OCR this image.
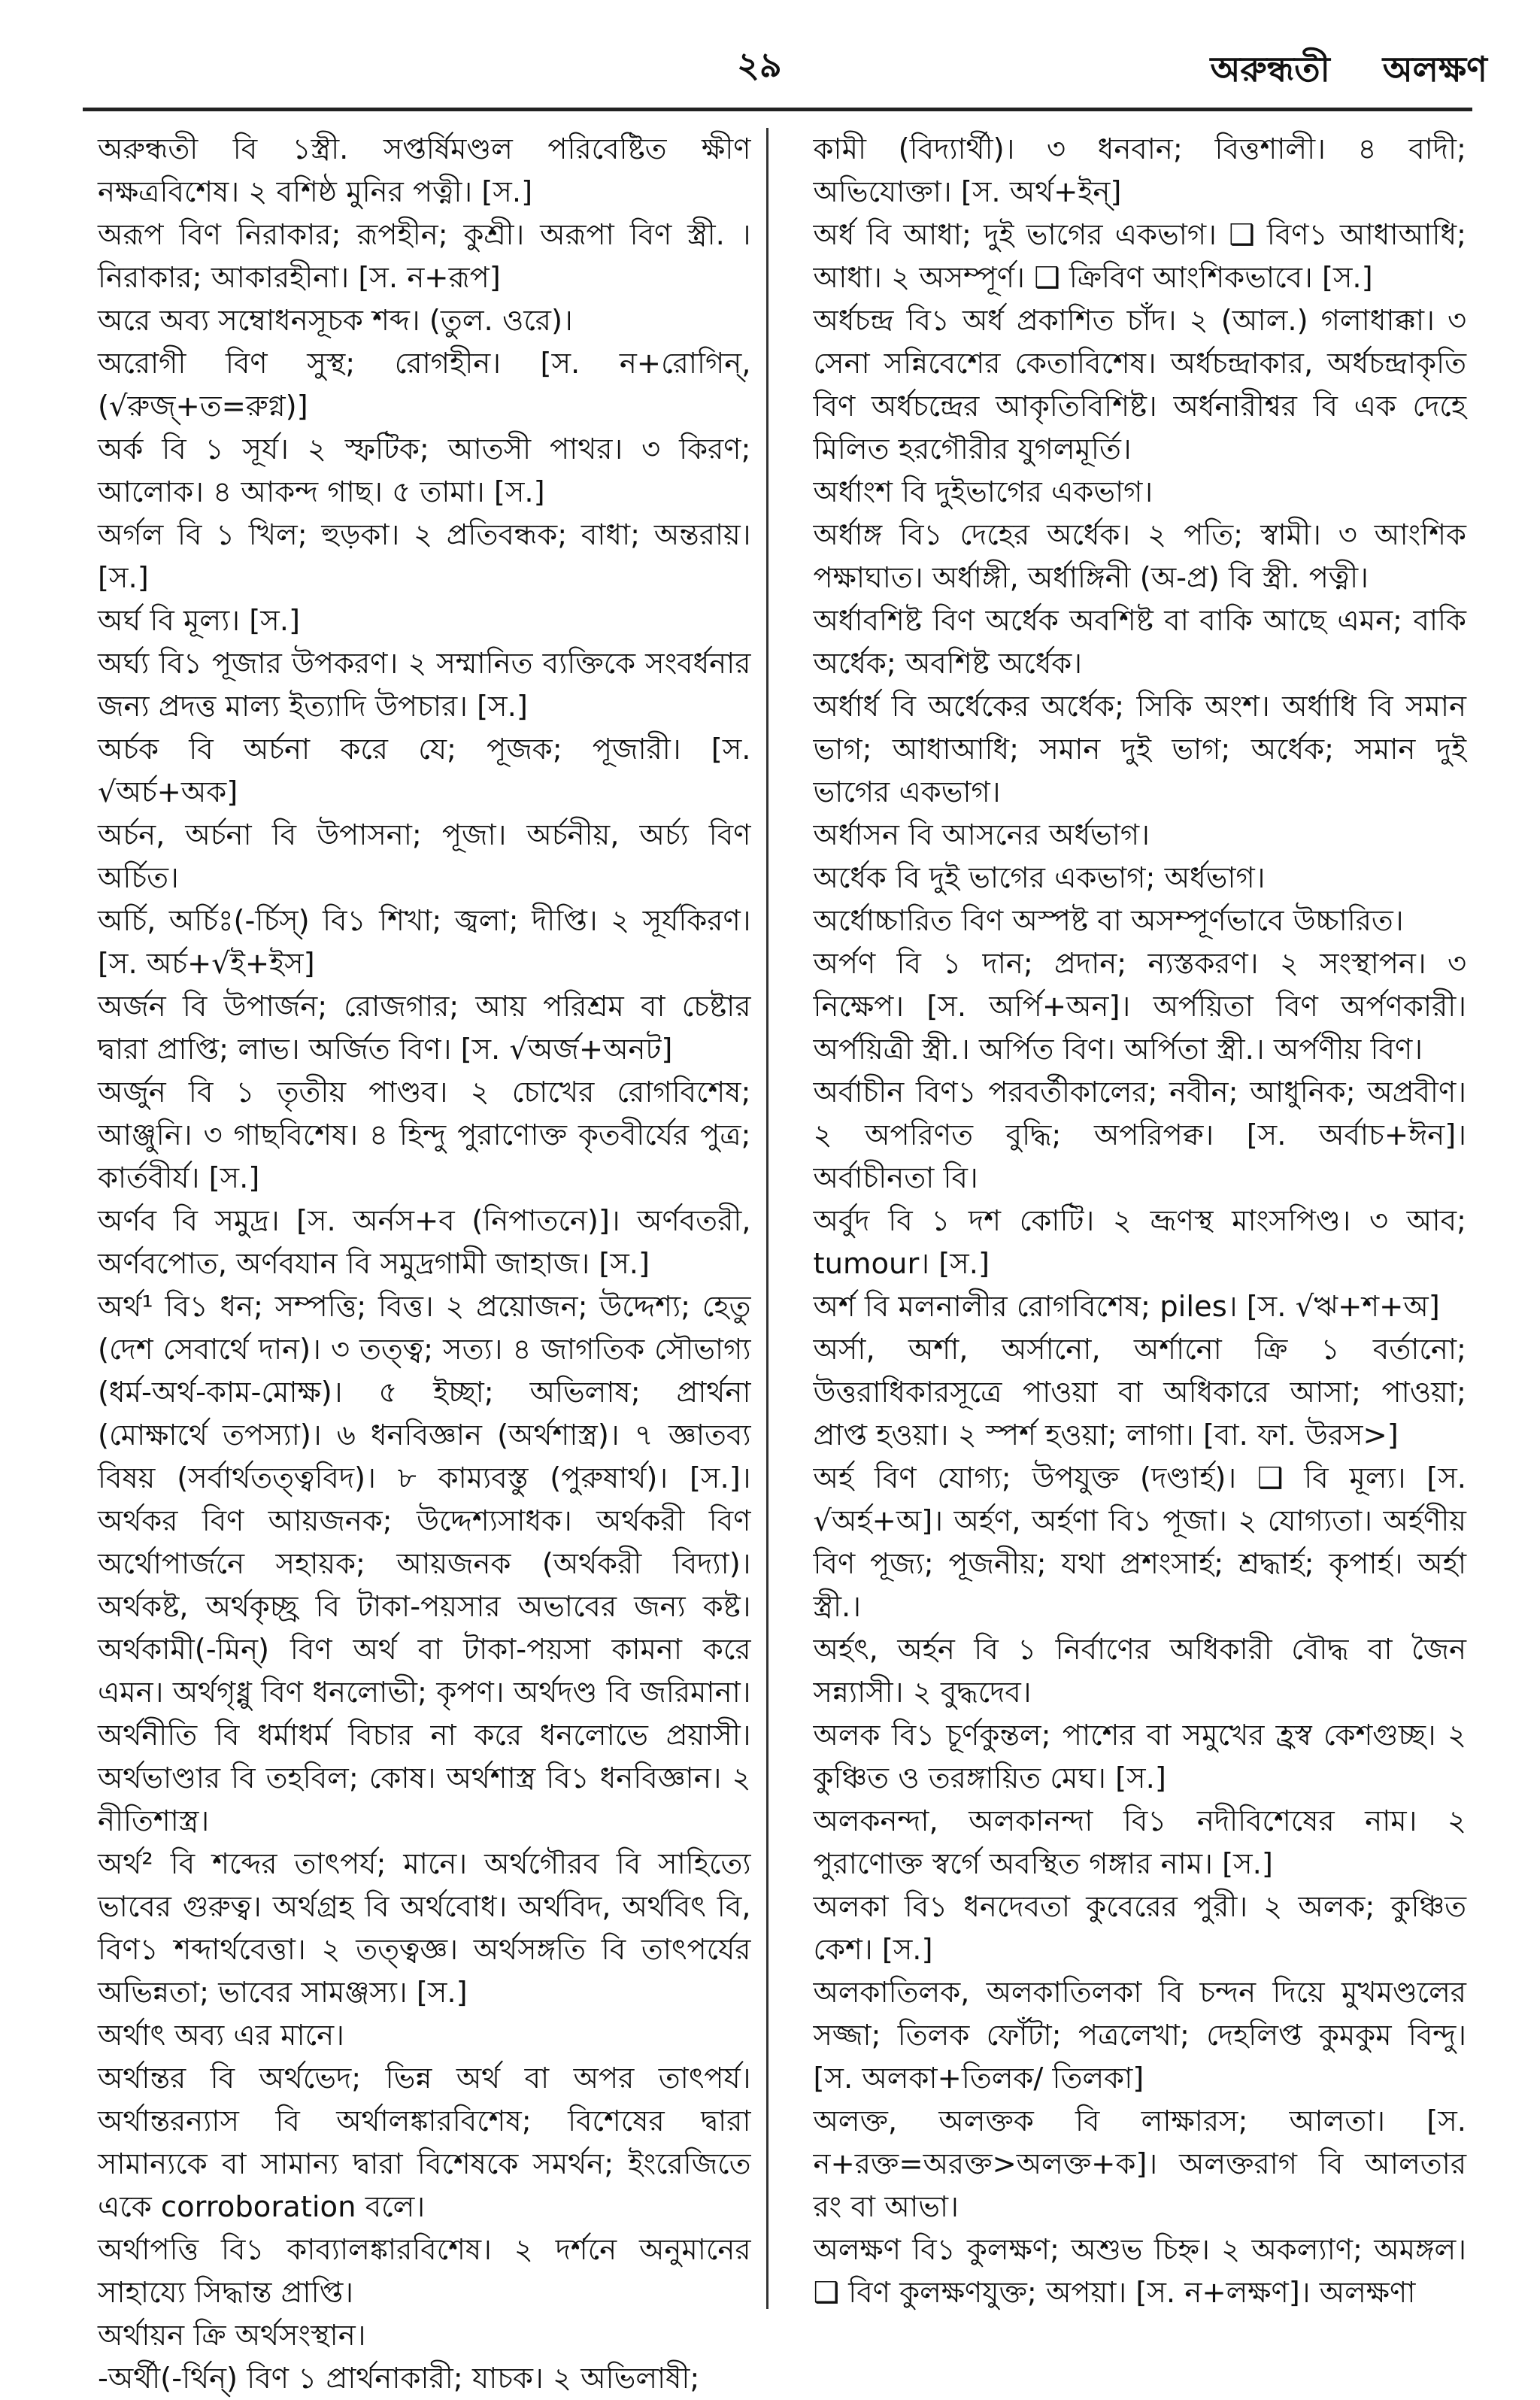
২৯	অরুন্ধতী অলক্ষণ

অরুন্ধতী বি ১স্ত্রী. সপ্তর্ষিমণ্ডল পরিবেষ্টিত ক্ষীণ নক্ষত্রবিশেষ। ২ বশিষ্ঠ মুনির পত্নী। [স.]

অরূপ বিণ নিরাকার; রূপহীন; কুশ্রী। অরূপা বিণ স্ত্রী. । নিরাকার; আকারহীনা। [স. ন+রূপ]

অরে অব্য সম্বোধনসূচক শব্দ। (তুল. ওরে)।

অরোগী বিণ সুস্থ; রোগহীন। [স. ন+রোগিন্, (√রুজ্+ত=রুগ্ন)]

অর্ক বি ১ সূর্য। ২ স্ফটিক; আতসী পাথর। ৩ কিরণ; আলোক। ৪ আকন্দ গাছ। ৫ তামা। [স.]

অর্গল বি ১ খিল; হুড়কা। ২ প্রতিবন্ধক; বাধা; অন্তরায়। [স.]

অর্ঘ বি মূল্য। [স.]

অর্ঘ্য বি১ পূজার উপকরণ। ২ সম্মানিত ব্যক্তিকে সংবর্ধনার জন্য প্রদত্ত মাল্য ইত্যাদি উপচার। [স.]

অর্চক বি অর্চনা করে যে; পূজক; পূজারী। [স. √অর্চ+অক]

অর্চন, অর্চনা বি উপাসনা; পূজা। অর্চনীয়, অর্চ্য বিণ অর্চিত।

অর্চি, অর্চিঃ(-র্চিস্) বি১ শিখা; জ্বলা; দীপ্তি। ২ সূর্যকিরণ। [স. অর্চ+√ই+ইস]

অর্জন বি উপার্জন; রোজগার; আয় পরিশ্রম বা চেষ্টার দ্বারা প্রাপ্তি; লাভ। অর্জিত বিণ। [স. √অর্জ+অনট]

অর্জুন বি ১ তৃতীয় পাণ্ডব। ২ চোখের রোগবিশেষ; আঞ্জুনি। ৩ গাছবিশেষ। ৪ হিন্দু পুরাণোক্ত কৃতবীর্যের পুত্র; কার্তবীর্য। [স.]

অর্ণব বি সমুদ্র। [স. অর্নস+ব (নিপাতনে)]। অর্ণবতরী, অর্ণবপোত, অর্ণবযান বি সমুদ্রগামী জাহাজ। [স.]

অর্থ¹ বি১ ধন; সম্পত্তি; বিত্ত। ২ প্রয়োজন; উদ্দেশ্য; হেতু (দেশ সেবার্থে দান)। ৩ তত্ত্ব; সত্য। ৪ জাগতিক সৌভাগ্য (ধর্ম-অর্থ-কাম-মোক্ষ)। ৫ ইচ্ছা; অভিলাষ; প্রার্থনা (মোক্ষার্থে তপস্যা)। ৬ ধনবিজ্ঞান (অর্থশাস্ত্র)। ৭ জ্ঞাতব্য বিষয় (সর্বার্থতত্ত্ববিদ)। ৮ কাম্যবস্তু (পুরুষার্থ)। [স.]। অর্থকর বিণ আয়জনক; উদ্দেশ্যসাধক। অর্থকরী বিণ অর্থোপার্জনে সহায়ক; আয়জনক (অর্থকরী বিদ্যা)। অর্থকষ্ট, অর্থকৃচ্ছ্র বি টাকা-পয়সার অভাবের জন্য কষ্ট। অর্থকামী(-মিন্) বিণ অর্থ বা টাকা-পয়সা কামনা করে এমন। অর্থগৃধ্নু বিণ ধনলোভী; কৃপণ। অর্থদণ্ড বি জরিমানা। অর্থনীতি বি ধর্মাধর্ম বিচার না করে ধনলোভে প্রয়াসী। অর্থভাণ্ডার বি তহবিল; কোষ। অর্থশাস্ত্র বি১ ধনবিজ্ঞান। ২ নীতিশাস্ত্র।

অর্থ² বি শব্দের তাৎপর্য; মানে। অর্থগৌরব বি সাহিত্যে ভাবের গুরুত্ব। অর্থগ্রহ বি অর্থবোধ। অর্থবিদ, অর্থবিৎ বি, বিণ১ শব্দার্থবেত্তা। ২ তত্ত্বজ্ঞ। অর্থসঙ্গতি বি তাৎপর্যের অভিন্নতা; ভাবের সামঞ্জস্য। [স.]

অর্থাৎ অব্য এর মানে।

অর্থান্তর বি অর্থভেদ; ভিন্ন অর্থ বা অপর তাৎপর্য। অর্থান্তরন্যাস বি অর্থালঙ্কারবিশেষ; বিশেষের দ্বারা সামান্যকে বা সামান্য দ্বারা বিশেষকে সমর্থন; ইংরেজিতে একে corroboration বলে।

অর্থাপত্তি বি১ কাব্যালঙ্কারবিশেষ। ২ দর্শনে অনুমানের সাহায্যে সিদ্ধান্ত প্রাপ্তি।

অর্থায়ন ক্রি অর্থসংস্থান।

-অর্থী(-র্থিন্) বিণ ১ প্রার্থনাকারী; যাচক। ২ অভিলাষী;

কামী (বিদ্যার্থী)। ৩ ধনবান; বিত্তশালী। ৪ বাদী; অভিযোক্তা। [স. অর্থ+ইন্]

অর্ধ বি আধা; দুই ভাগের একভাগ। ❑ বিণ১ আধাআধি; আধা। ২ অসম্পূর্ণ। ❑ ক্রিবিণ আংশিকভাবে। [স.]

অর্ধচন্দ্র বি১ অর্ধ প্রকাশিত চাঁদ। ২ (আল.) গলাধাক্কা। ৩ সেনা সন্নিবেশের কেতাবিশেষ। অর্ধচন্দ্রাকার, অর্ধচন্দ্রাকৃতি বিণ অর্ধচন্দ্রের আকৃতিবিশিষ্ট। অর্ধনারীশ্বর বি এক দেহে মিলিত হরগৌরীর যুগলমূর্তি।

অর্ধাংশ বি দুইভাগের একভাগ।

অর্ধাঙ্গ বি১ দেহের অর্ধেক। ২ পতি; স্বামী। ৩ আংশিক পক্ষাঘাত। অর্ধাঙ্গী, অর্ধাঙ্গিনী (অ-প্র) বি স্ত্রী. পত্নী।

অর্ধাবশিষ্ট বিণ অর্ধেক অবশিষ্ট বা বাকি আছে এমন; বাকি অর্ধেক; অবশিষ্ট অর্ধেক।

অর্ধার্ধ বি অর্ধেকের অর্ধেক; সিকি অংশ। অর্ধাধি বি সমান ভাগ; আধাআধি; সমান দুই ভাগ; অর্ধেক; সমান দুই ভাগের একভাগ।

অর্ধাসন বি আসনের অর্ধভাগ।

অর্ধেক বি দুই ভাগের একভাগ; অর্ধভাগ।

অর্ধোচ্চারিত বিণ অস্পষ্ট বা অসম্পূর্ণভাবে উচ্চারিত।

অর্পণ বি ১ দান; প্রদান; ন্যস্তকরণ। ২ সংস্থাপন। ৩ নিক্ষেপ। [স. অর্পি+অন]। অর্পয়িতা বিণ অর্পণকারী। অর্পয়িত্রী স্ত্রী.। অর্পিত বিণ। অর্পিতা স্ত্রী.। অর্পণীয় বিণ।

অর্বাচীন বিণ১ পরবর্তীকালের; নবীন; আধুনিক; অপ্রবীণ। ২ অপরিণত বুদ্ধি; অপরিপক্ব। [স. অর্বাচ+ঈন]। অর্বাচীনতা বি।

অর্বুদ বি ১ দশ কোটি। ২ ভ্রূণস্থ মাংসপিণ্ড। ৩ আব; tumour। [স.]

অর্শ বি মলনালীর রোগবিশেষ; piles। [স. √ঋ+শ+অ]

অর্সা, অর্শা, অর্সানো, অর্শানো ক্রি ১ বর্তানো; উত্তরাধিকারসূত্রে পাওয়া বা অধিকারে আসা; পাওয়া; প্রাপ্ত হওয়া। ২ স্পর্শ হওয়া; লাগা। [বা. ফা. উরস>]

অর্হ বিণ যোগ্য; উপযুক্ত (দণ্ডার্হ)। ❑ বি মূল্য। [স. √অর্হ+অ]। অর্হণ, অর্হণা বি১ পূজা। ২ যোগ্যতা। অর্হণীয় বিণ পূজ্য; পূজনীয়; যথা প্রশংসার্হ; শ্রদ্ধার্হ; কৃপার্হ। অর্হা স্ত্রী.।

অর্হৎ, অর্হন বি ১ নির্বাণের অধিকারী বৌদ্ধ বা জৈন সন্ন্যাসী। ২ বুদ্ধদেব।

অলক বি১ চূর্ণকুন্তল; পাশের বা সমুখের হ্রস্ব কেশগুচ্ছ। ২ কুঞ্চিত ও তরঙ্গায়িত মেঘ। [স.]

অলকনন্দা, অলকানন্দা বি১ নদীবিশেষের নাম। ২ পুরাণোক্ত স্বর্গে অবস্থিত গঙ্গার নাম। [স.]

অলকা বি১ ধনদেবতা কুবেরের পুরী। ২ অলক; কুঞ্চিত কেশ। [স.]

অলকাতিলক, অলকাতিলকা বি চন্দন দিয়ে মুখমণ্ডলের সজ্জা; তিলক ফোঁটা; পত্রলেখা; দেহলিপ্ত কুমকুম বিন্দু। [স. অলকা+তিলক/ তিলকা]

অলক্ত, অলক্তক বি লাক্ষারস; আলতা। [স. ন+রক্ত=অরক্ত>অলক্ত+ক]। অলক্তরাগ বি আলতার রং বা আভা।

অলক্ষণ বি১ কুলক্ষণ; অশুভ চিহ্ন। ২ অকল্যাণ; অমঙ্গল। ❑ বিণ কুলক্ষণযুক্ত; অপয়া। [স. ন+লক্ষণ]। অলক্ষণা
